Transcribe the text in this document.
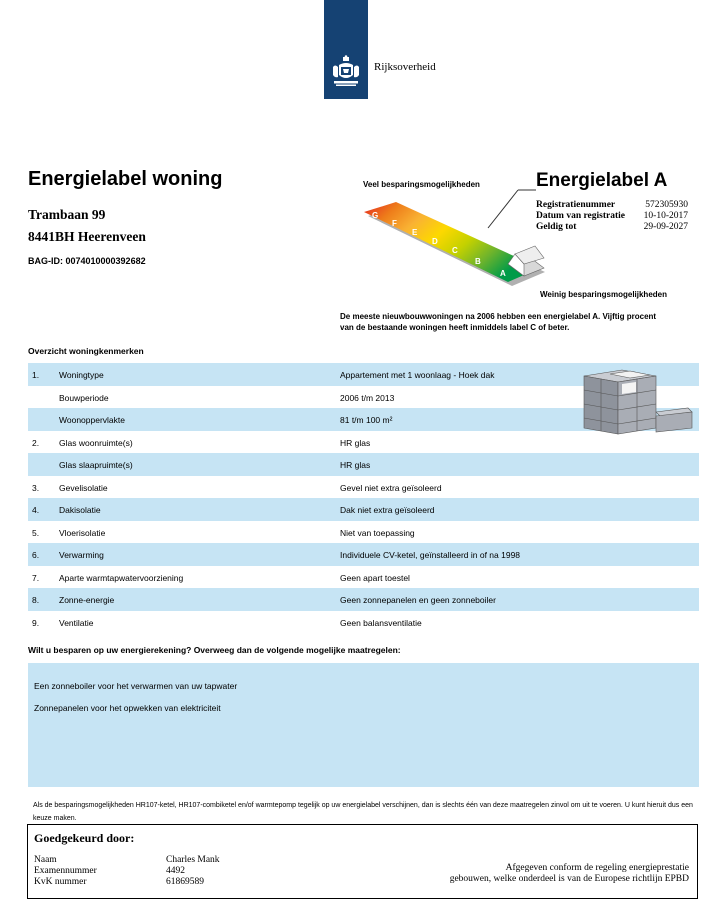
Rijksoverheid
Energielabel woning
Trambaan 99
8441BH Heerenveen
BAG-ID: 0074010000392682
Veel besparingsmogelijkheden
G
F
E
D
C
B
A
Weinig besparingsmogelijkheden
Energielabel A
Registratienummer	572305930
Datum van registratie 10-10-2017
Geldig tot	29-09-2027
De meeste nieuwbouwwoningen na 2006 hebben een energielabel A. Vijftig procent
van de bestaande woningen heeft inmiddels label C of beter.
Overzicht woningkenmerken
1. Woningtype	Appartement met 1 woonlaag - Hoek dak
Bouwperiode	2006 t/m 2013
Woonoppervlakte	81 t/m 100 m²
2. Glas woonruimte(s)	HR glas
Glas slaapruimte(s)	HR glas
3. Gevelisolatie	Gevel niet extra geïsoleerd
4. Dakisolatie	Dak niet extra geïsoleerd
5. Vloerisolatie	Niet van toepassing
6. Verwarming	Individuele CV-ketel, geïnstalleerd in of na 1998
7. Aparte warmtapwatervoorziening	Geen apart toestel
8. Zonne-energie	Geen zonnepanelen en geen zonneboiler
9. Ventilatie	Geen balansventilatie
Wilt u besparen op uw energierekening? Overweeg dan de volgende mogelijke maatregelen:
Een zonneboiler voor het verwarmen van uw tapwater
Zonnepanelen voor het opwekken van elektriciteit
Als de besparingsmogelijkheden HR107-ketel, HR107-combiketel en/of warmtepomp tegelijk op uw energielabel verschijnen, dan is slechts één van deze maatregelen zinvol om uit te voeren. U kunt hieruit dus een keuze maken.
Goedgekeurd door:
Naam	Charles Mank
Examennummer	4492
KvK nummer	61869589
Afgegeven conform de regeling energieprestatie
gebouwen, welke onderdeel is van de Europese richtlijn EPBD
